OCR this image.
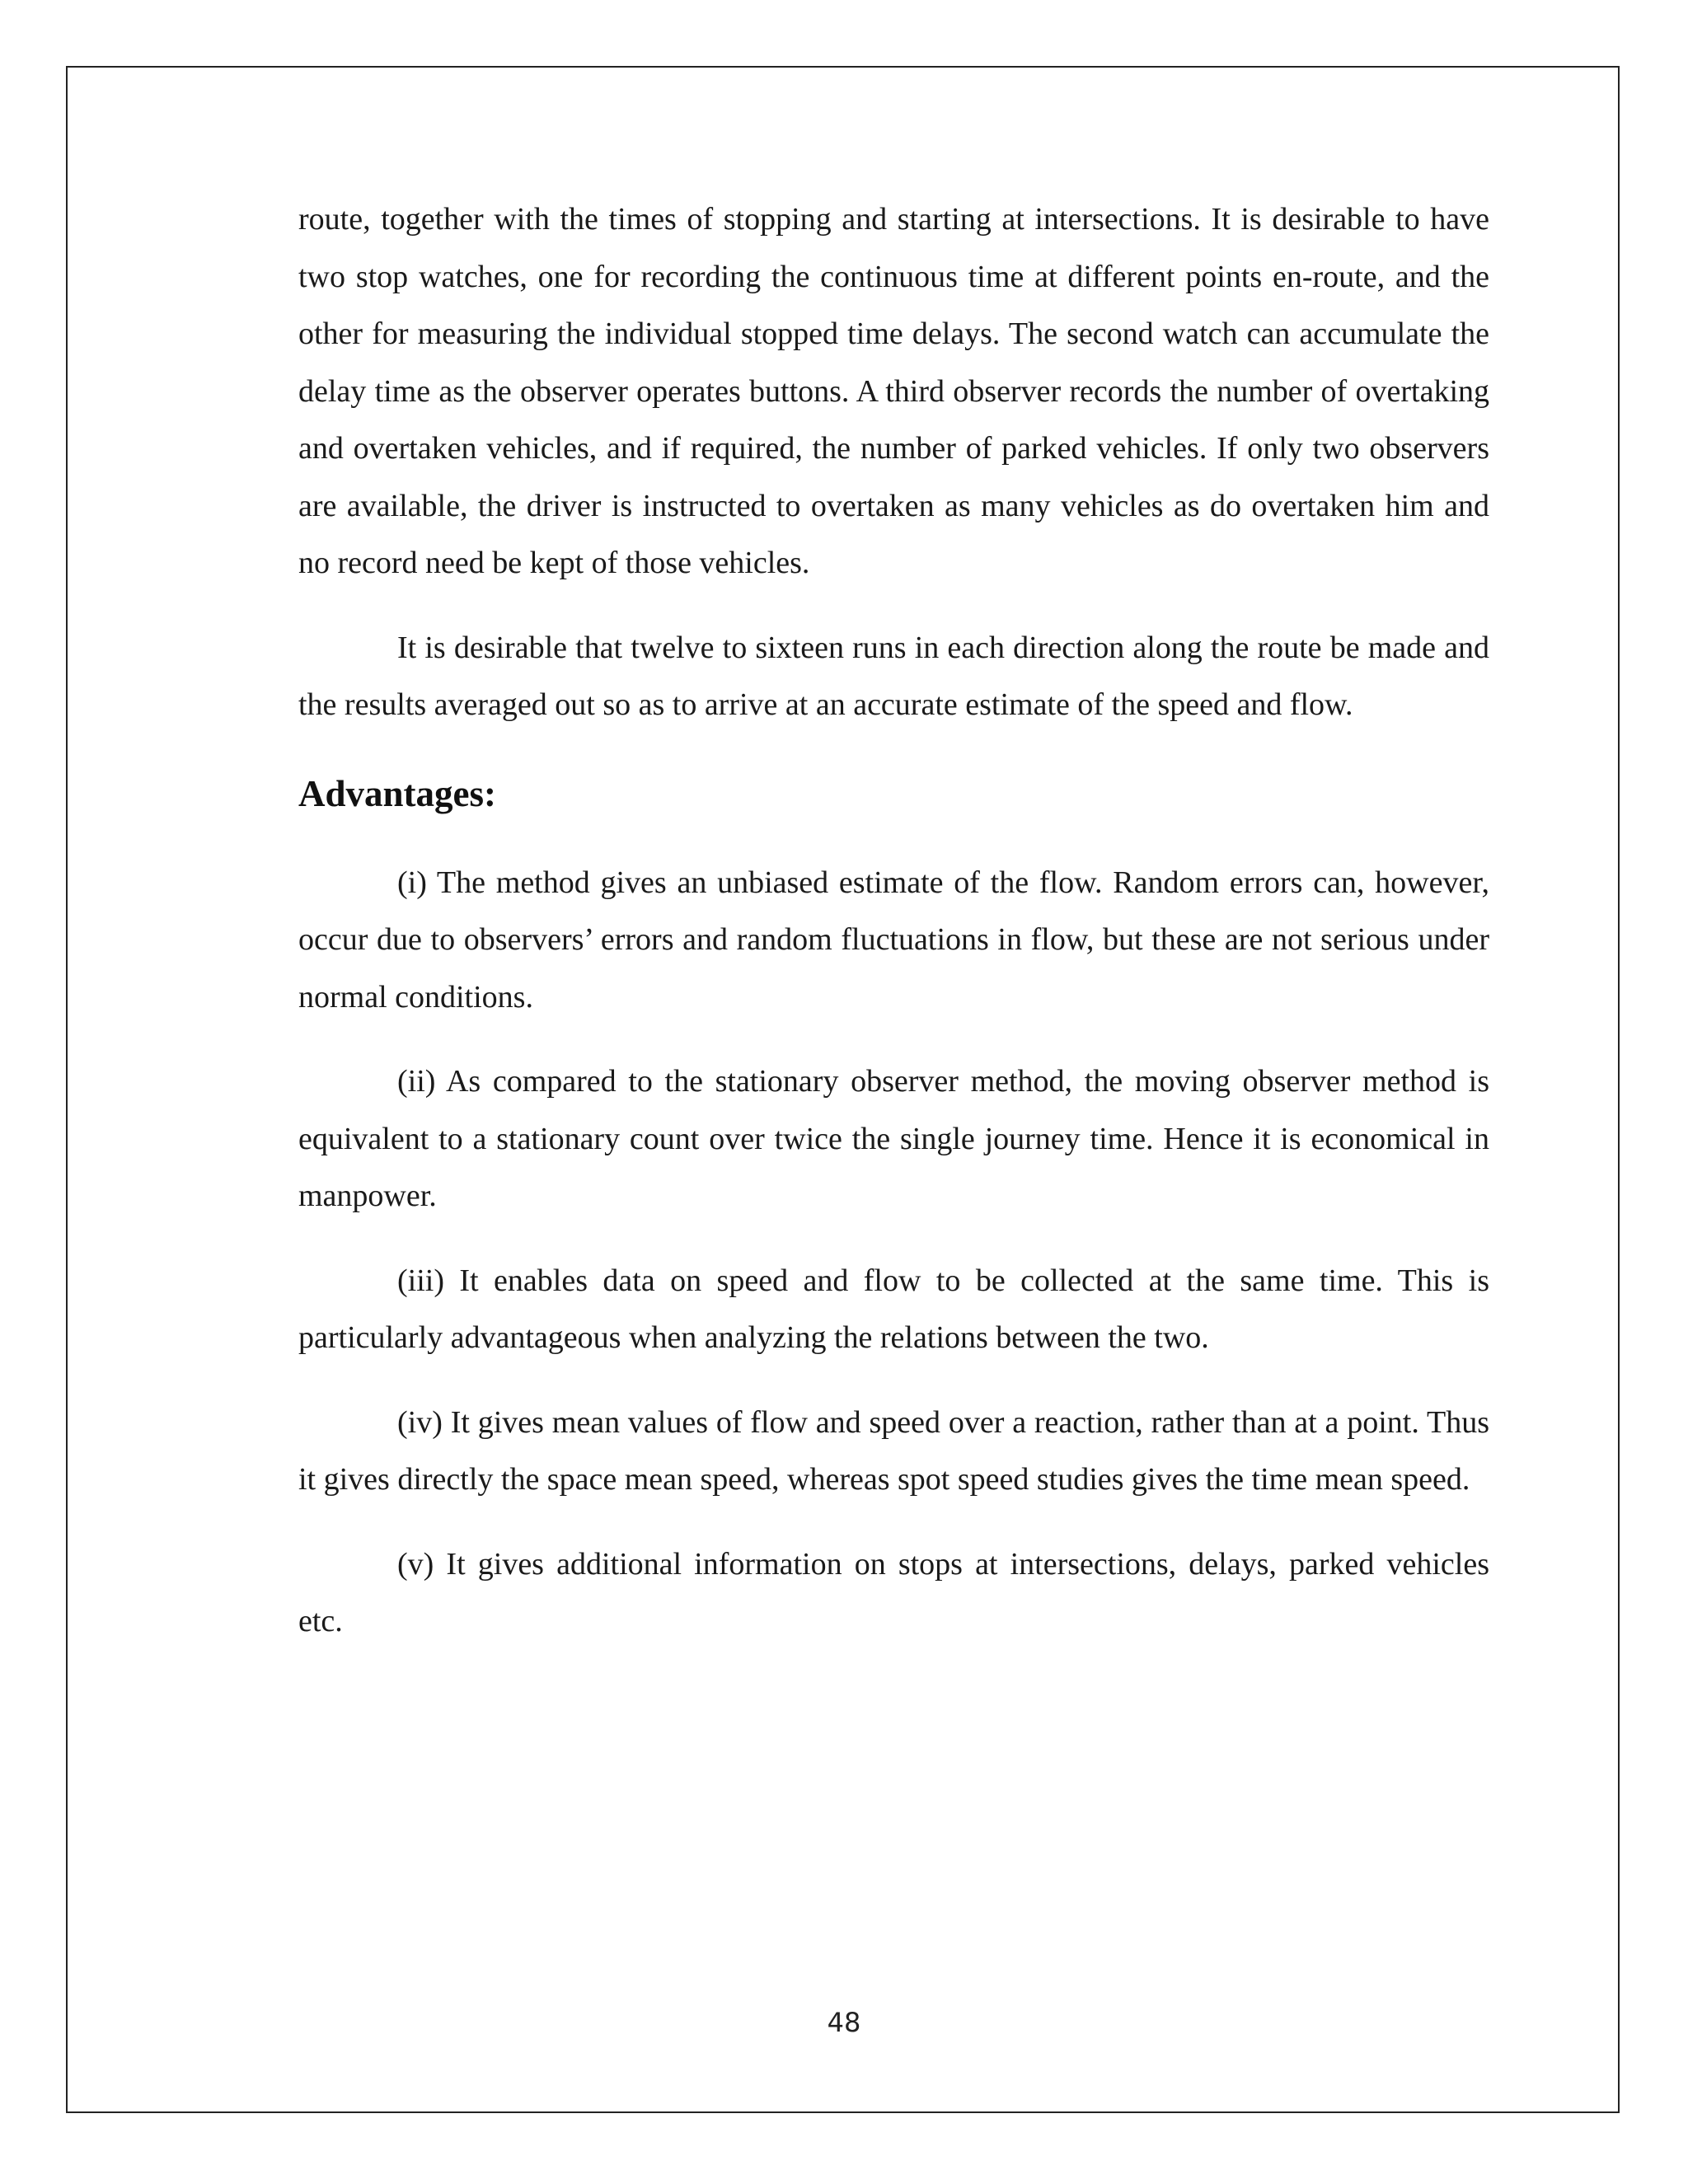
route, together with the times of stopping and starting at intersections. It is desirable to have two stop watches, one for recording the continuous time at different points en-route, and the other for measuring the individual stopped time delays. The second watch can accumulate the delay time as the observer operates buttons. A third observer records the number of overtaking and overtaken vehicles, and if required, the number of parked vehicles. If only two observers are available, the driver is instructed to overtaken as many vehicles as do overtaken him and no record need be kept of those vehicles.

It is desirable that twelve to sixteen runs in each direction along the route be made and the results averaged out so as to arrive at an accurate estimate of the speed and flow.

Advantages:

(i) The method gives an unbiased estimate of the flow. Random errors can, however, occur due to observers’ errors and random fluctuations in flow, but these are not serious under normal conditions.

(ii) As compared to the stationary observer method, the moving observer method is equivalent to a stationary count over twice the single journey time. Hence it is economical in manpower.

(iii) It enables data on speed and flow to be collected at the same time. This is particularly advantageous when analyzing the relations between the two.

(iv) It gives mean values of flow and speed over a reaction, rather than at a point. Thus it gives directly the space mean speed, whereas spot speed studies gives the time mean speed.

(v) It gives additional information on stops at intersections, delays, parked vehicles etc.

48
